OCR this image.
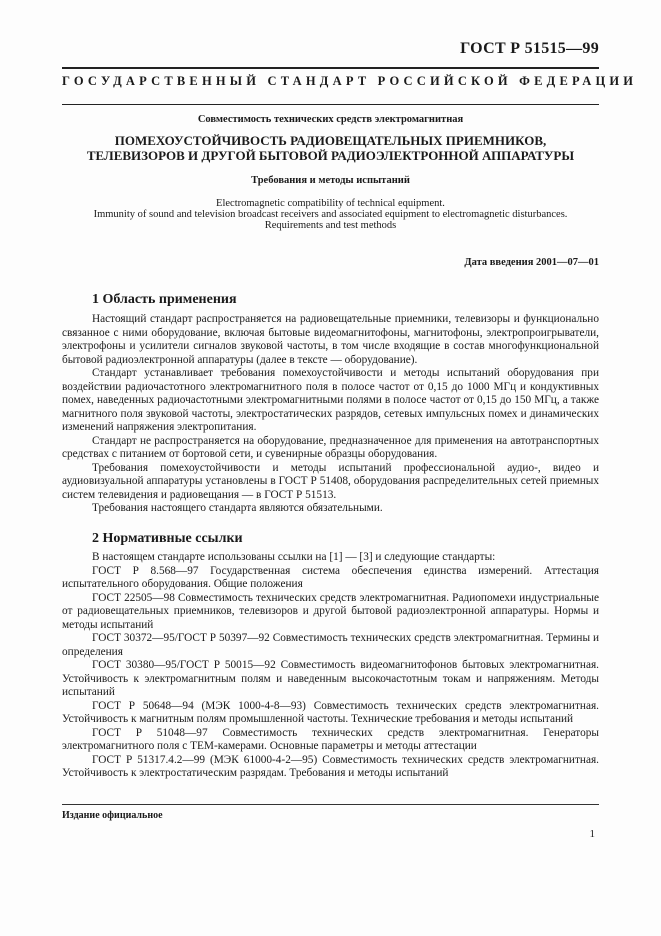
ГОСТ Р 51515—99
ГОСУДАРСТВЕННЫЙ СТАНДАРТ РОССИЙСКОЙ ФЕДЕРАЦИИ
Совместимость технических средств электромагнитная
ПОМЕХОУСТОЙЧИВОСТЬ РАДИОВЕЩАТЕЛЬНЫХ ПРИЕМНИКОВ,
ТЕЛЕВИЗОРОВ И ДРУГОЙ БЫТОВОЙ РАДИОЭЛЕКТРОННОЙ АППАРАТУРЫ
Требования и методы испытаний
Electromagnetic compatibility of technical equipment.
Immunity of sound and television broadcast receivers and associated equipment to electromagnetic disturbances.
Requirements and test methods
Дата введения 2001—07—01
1 Область применения

Настоящий стандарт распространяется на радиовещательные приемники, телевизоры и функционально связанное с ними оборудование, включая бытовые видеомагнитофоны, магнитофоны, электропроигрыватели, электрофоны и усилители сигналов звуковой частоты, в том числе входящие в состав многофункциональной бытовой радиоэлектронной аппаратуры (далее в тексте — оборудование).

Стандарт устанавливает требования помехоустойчивости и методы испытаний оборудования при воздействии радиочастотного электромагнитного поля в полосе частот от 0,15 до 1000 МГц и кондуктивных помех, наведенных радиочастотными электромагнитными полями в полосе частот от 0,15 до 150 МГц, а также магнитного поля звуковой частоты, электростатических разрядов, сетевых импульсных помех и динамических изменений напряжения электропитания.

Стандарт не распространяется на оборудование, предназначенное для применения на автотранспортных средствах с питанием от бортовой сети, и сувенирные образцы оборудования.

Требования помехоустойчивости и методы испытаний профессиональной аудио-, видео и аудиовизуальной аппаратуры установлены в ГОСТ Р 51408, оборудования распределительных сетей приемных систем телевидения и радиовещания — в ГОСТ Р 51513.

Требования настоящего стандарта являются обязательными.

2 Нормативные ссылки

В настоящем стандарте использованы ссылки на [1] — [3] и следующие стандарты:

ГОСТ Р 8.568—97 Государственная система обеспечения единства измерений. Аттестация испытательного оборудования. Общие положения

ГОСТ 22505—98 Совместимость технических средств электромагнитная. Радиопомехи индустриальные от радиовещательных приемников, телевизоров и другой бытовой радиоэлектронной аппаратуры. Нормы и методы испытаний

ГОСТ 30372—95/ГОСТ Р 50397—92 Совместимость технических средств электромагнитная. Термины и определения

ГОСТ 30380—95/ГОСТ Р 50015—92 Совместимость видеомагнитофонов бытовых электромагнитная. Устойчивость к электромагнитным полям и наведенным высокочастотным токам и напряжениям. Методы испытаний

ГОСТ Р 50648—94 (МЭК 1000-4-8—93) Совместимость технических средств электромагнитная. Устойчивость к магнитным полям промышленной частоты. Технические требования и методы испытаний

ГОСТ Р 51048—97 Совместимость технических средств электромагнитная. Генераторы электромагнитного поля с ТЕМ-камерами. Основные параметры и методы аттестации

ГОСТ Р 51317.4.2—99 (МЭК 61000-4-2—95) Совместимость технических средств электромагнитная. Устойчивость к электростатическим разрядам. Требования и методы испытаний

Издание официальное
1
